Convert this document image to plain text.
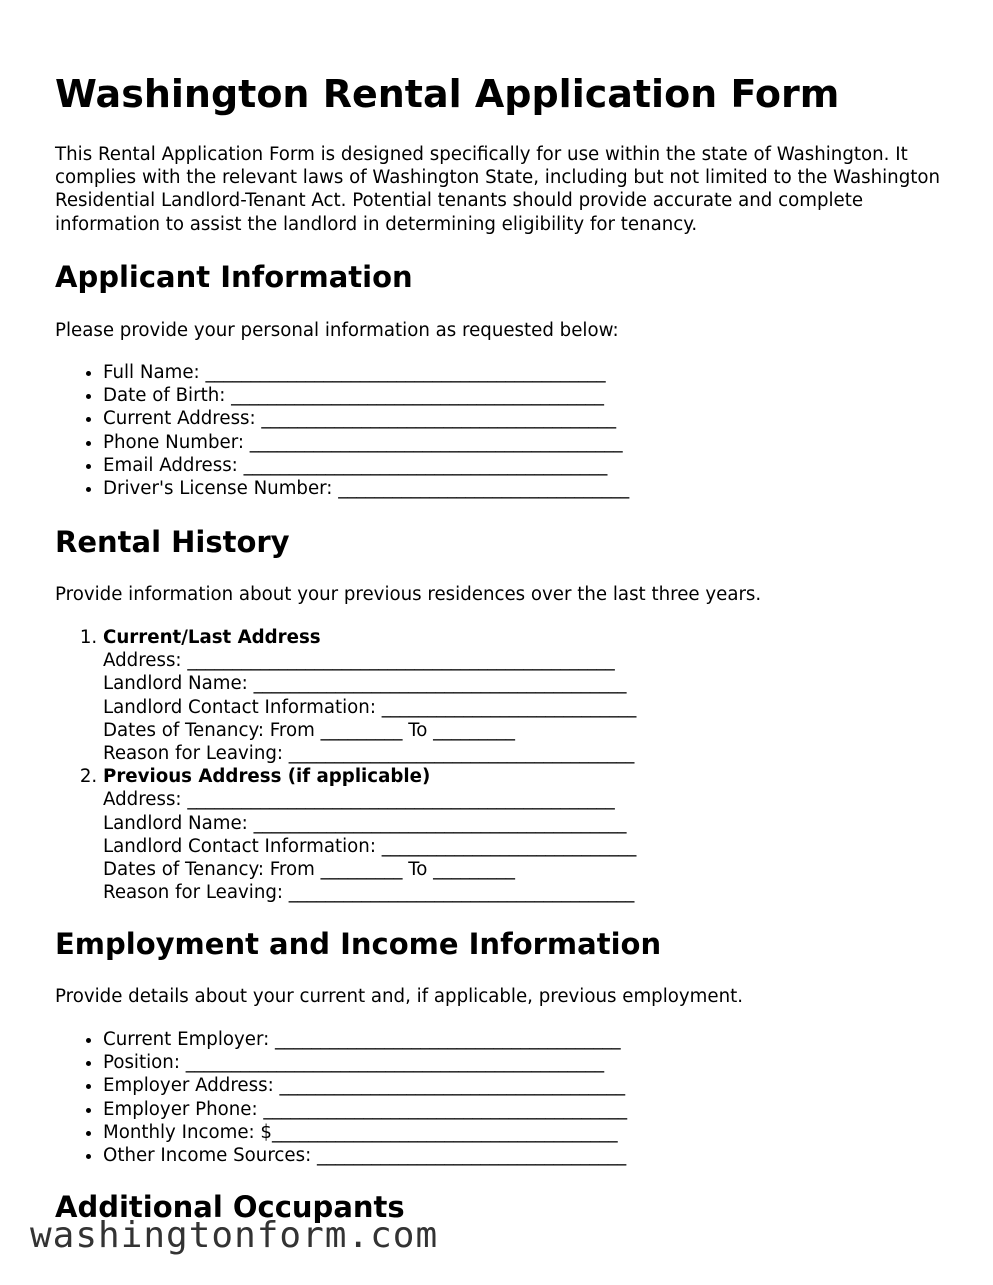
Washington Rental Application Form

This Rental Application Form is designed specifically for use within the state of Washington. It complies with the relevant laws of Washington State, including but not limited to the Washington Residential Landlord-Tenant Act. Potential tenants should provide accurate and complete information to assist the landlord in determining eligibility for tenancy.

Applicant Information

Please provide your personal information as requested below:

• Full Name: ____________________________________________
• Date of Birth: _________________________________________
• Current Address: _______________________________________
• Phone Number: _________________________________________
• Email Address: ________________________________________
• Driver's License Number: ________________________________
Rental History

Provide information about your previous residences over the last three years.

1. Current/Last Address
Address: _______________________________________________
Landlord Name: _________________________________________
Landlord Contact Information: ____________________________
Dates of Tenancy: From _________ To _________
Reason for Leaving: ______________________________________
2. Previous Address (if applicable)
Address: _______________________________________________
Landlord Name: _________________________________________
Landlord Contact Information: ____________________________
Dates of Tenancy: From _________ To _________
Reason for Leaving: ______________________________________
Employment and Income Information

Provide details about your current and, if applicable, previous employment.

• Current Employer: ______________________________________
• Position: ______________________________________________
• Employer Address: ______________________________________
• Employer Phone: ________________________________________
• Monthly Income: $______________________________________
• Other Income Sources: __________________________________
Additional Occupants
washingtonform.com
